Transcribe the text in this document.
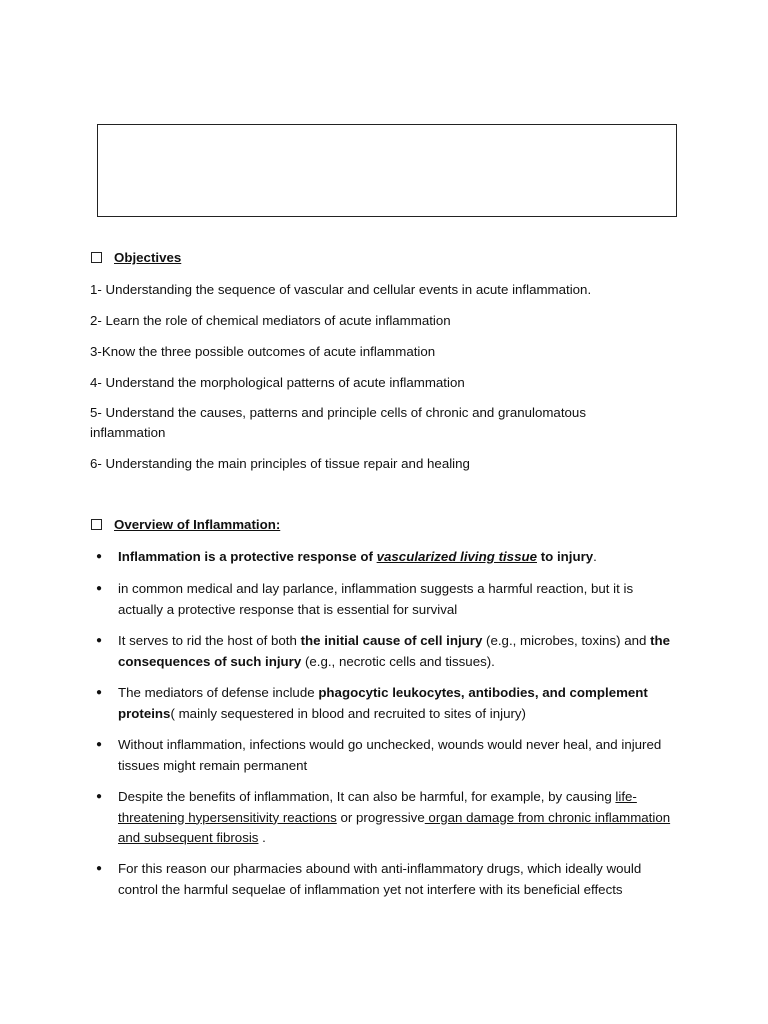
Objectives
1- Understanding the sequence of vascular and cellular events in acute inflammation.
2- Learn the role of chemical mediators of acute inflammation
3-Know the three possible outcomes of acute inflammation
4- Understand the morphological patterns of acute inflammation
5- Understand the causes, patterns and principle cells of chronic and granulomatous inflammation
6- Understanding the main principles of tissue repair and healing
Overview of Inflammation:
●	Inflammation is a protective response of vascularized living tissue to injury.
●	in common medical and lay parlance, inflammation suggests a harmful reaction, but it is actually a protective response that is essential for survival
●	It serves to rid the host of both the initial cause of cell injury (e.g., microbes, toxins) and the consequences of such injury (e.g., necrotic cells and tissues).
●	The mediators of defense include phagocytic leukocytes, antibodies, and complement proteins( mainly sequestered in blood and recruited to sites of injury)
●	Without inflammation, infections would go unchecked, wounds would never heal, and injured tissues might remain permanent
●	Despite the benefits of inflammation, It can also be harmful, for example, by causing life-threatening hypersensitivity reactions or progressive organ damage from chronic inflammation and subsequent fibrosis .
●	For this reason our pharmacies abound with anti-inflammatory drugs, which ideally would control the harmful sequelae of inflammation yet not interfere with its beneficial effects
